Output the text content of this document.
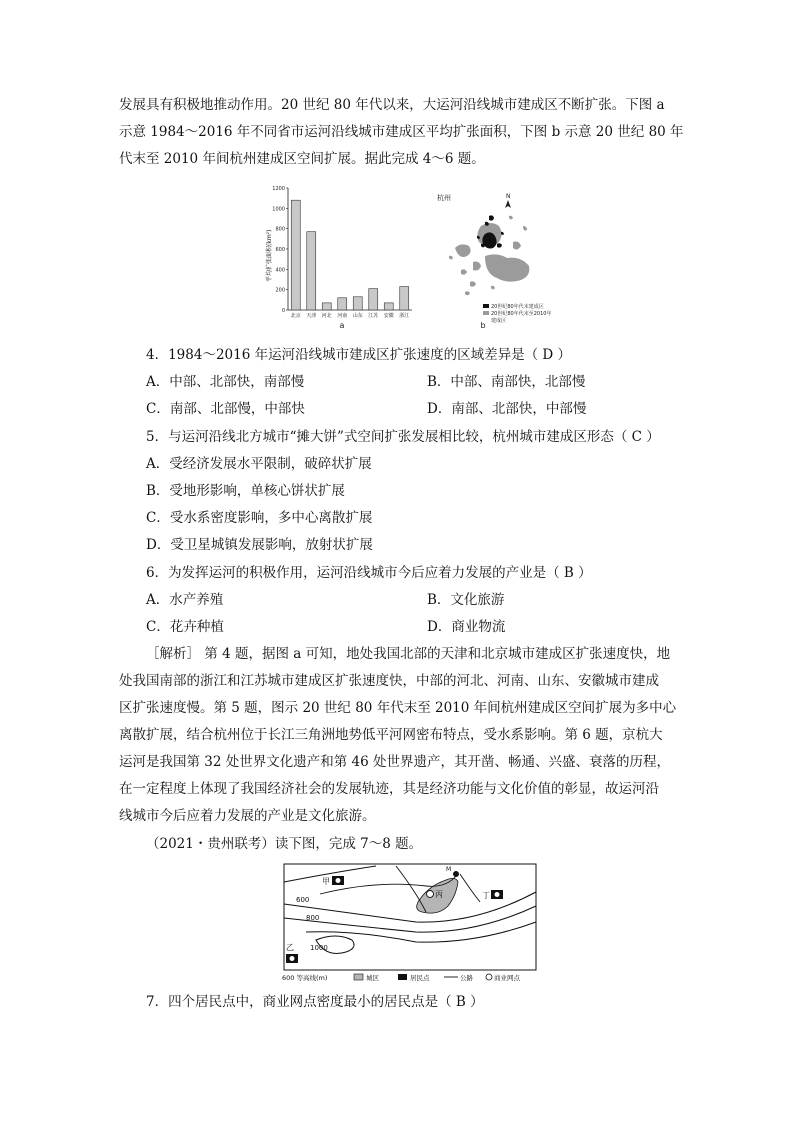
发展具有积极地推动作用。20 世纪 80 年代以来，大运河沿线城市建成区不断扩张。下图 a
示意 1984～2016 年不同省市运河沿线城市建成区平均扩张面积，下图 b 示意 20 世纪 80 年
代末至 2010 年间杭州建成区空间扩展。据此完成 4～6 题。
0
200
400
600
800
1000
1200
北京 天津 河北 河南 山东 江苏 安徽 浙江
平均扩张面积(km²)
a
杭州	N
20世纪80年代末建成区
20世纪80年代末至2010年
建成区
b
4．1984～2016 年运河沿线城市建成区扩张速度的区域差异是（ D ）
A．中部、北部快，南部慢	B．中部、南部快，北部慢
C．南部、北部慢，中部快	D．南部、北部快，中部慢
5．与运河沿线北方城市“摊大饼”式空间扩张发展相比较，杭州城市建成区形态（ C ）
A．受经济发展水平限制，破碎状扩展
B．受地形影响，单核心饼状扩展
C．受水系密度影响，多中心离散扩展
D．受卫星城镇发展影响，放射状扩展
6．为发挥运河的积极作用，运河沿线城市今后应着力发展的产业是（ B ）
A．水产养殖	B．文化旅游
C．花卉种植	D．商业物流
［解析］ 第 4 题，据图 a 可知，地处我国北部的天津和北京城市建成区扩张速度快，地
处我国南部的浙江和江苏城市建成区扩张速度快，中部的河北、河南、山东、安徽城市建成
区扩张速度慢。第 5 题，图示 20 世纪 80 年代末至 2010 年间杭州建成区空间扩展为多中心
离散扩展，结合杭州位于长江三角洲地势低平河网密布特点，受水系影响。第 6 题，京杭大
运河是我国第 32 处世界文化遗产和第 46 处世界遗产，其开凿、畅通、兴盛、衰落的历程，
在一定程度上体现了我国经济社会的发展轨迹，其是经济功能与文化价值的彰显，故运河沿
线城市今后应着力发展的产业是文化旅游。
（2021・贵州联考）读下图，完成 7～8 题。
600
800
1000
甲
丙
M
丁
乙
600 等高线(m)	城区	居民点	公路	商业网点
7．四个居民点中，商业网点密度最小的居民点是（ B ）
